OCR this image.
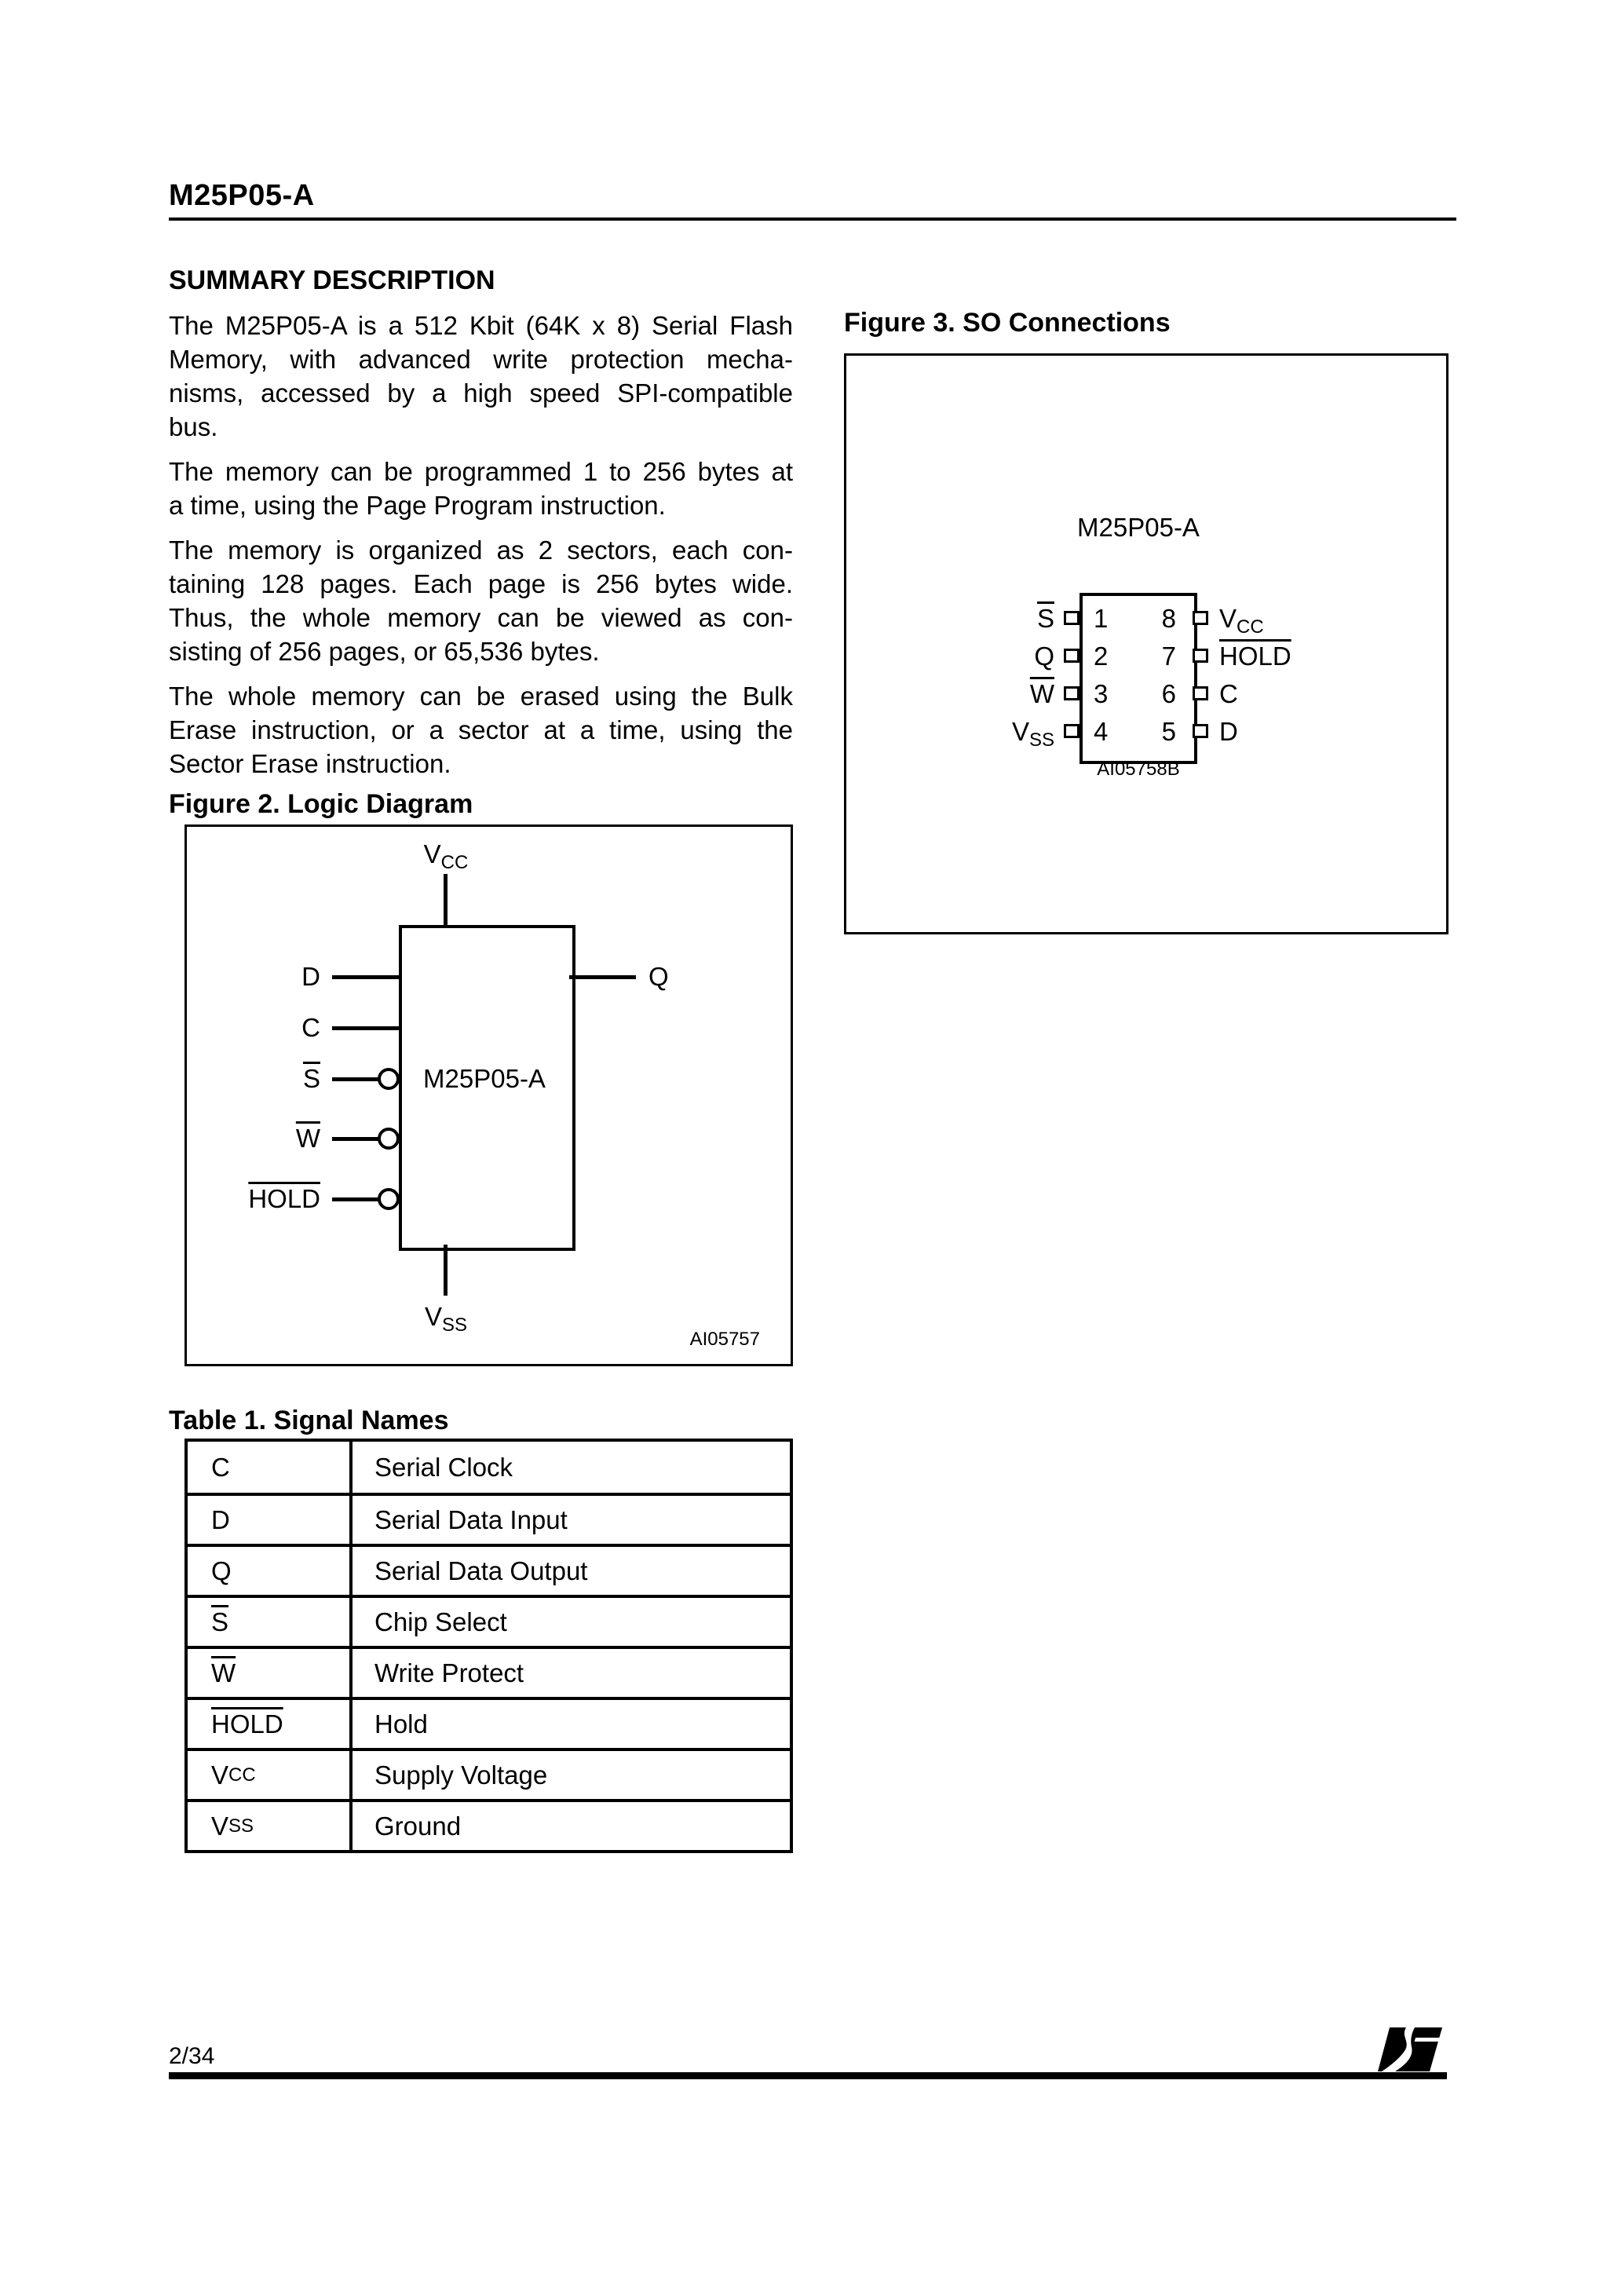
M25P05-A
SUMMARY DESCRIPTION
The M25P05-A is a 512 Kbit (64K x 8) Serial Flash
Memory, with advanced write protection mecha-
nisms, accessed by a high speed SPI-compatible
bus.
The memory can be programmed 1 to 256 bytes at
a time, using the Page Program instruction.
The memory is organized as 2 sectors, each con-
taining 128 pages. Each page is 256 bytes wide.
Thus, the whole memory can be viewed as con-
sisting of 256 pages, or 65,536 bytes.
The whole memory can be erased using the Bulk
Erase instruction, or a sector at a time, using the
Sector Erase instruction.
Figure 3. SO Connections
M25P05-A
1
2
3
4
8
7
6
5
$\overline{S}$
Q
$\overline{W}$
$V_{SS}$
$V_{CC}$
HOLD
C
D
AI05758B
Figure 2. Logic Diagram
$V_{CC}$
M25P05-A
D
C
$\overline{S}$
$\overline{W}$
HOLD
Q
$V_{SS}$
AI05757
Table 1. Signal Names
C	Serial Clock
D	Serial Data Input
Q	Serial Data Output
$\overline{S}$	Chip Select
$\overline{W}$	Write Protect
HOLD	Hold
V CC	Supply Voltage
V SS	Ground
2/34
